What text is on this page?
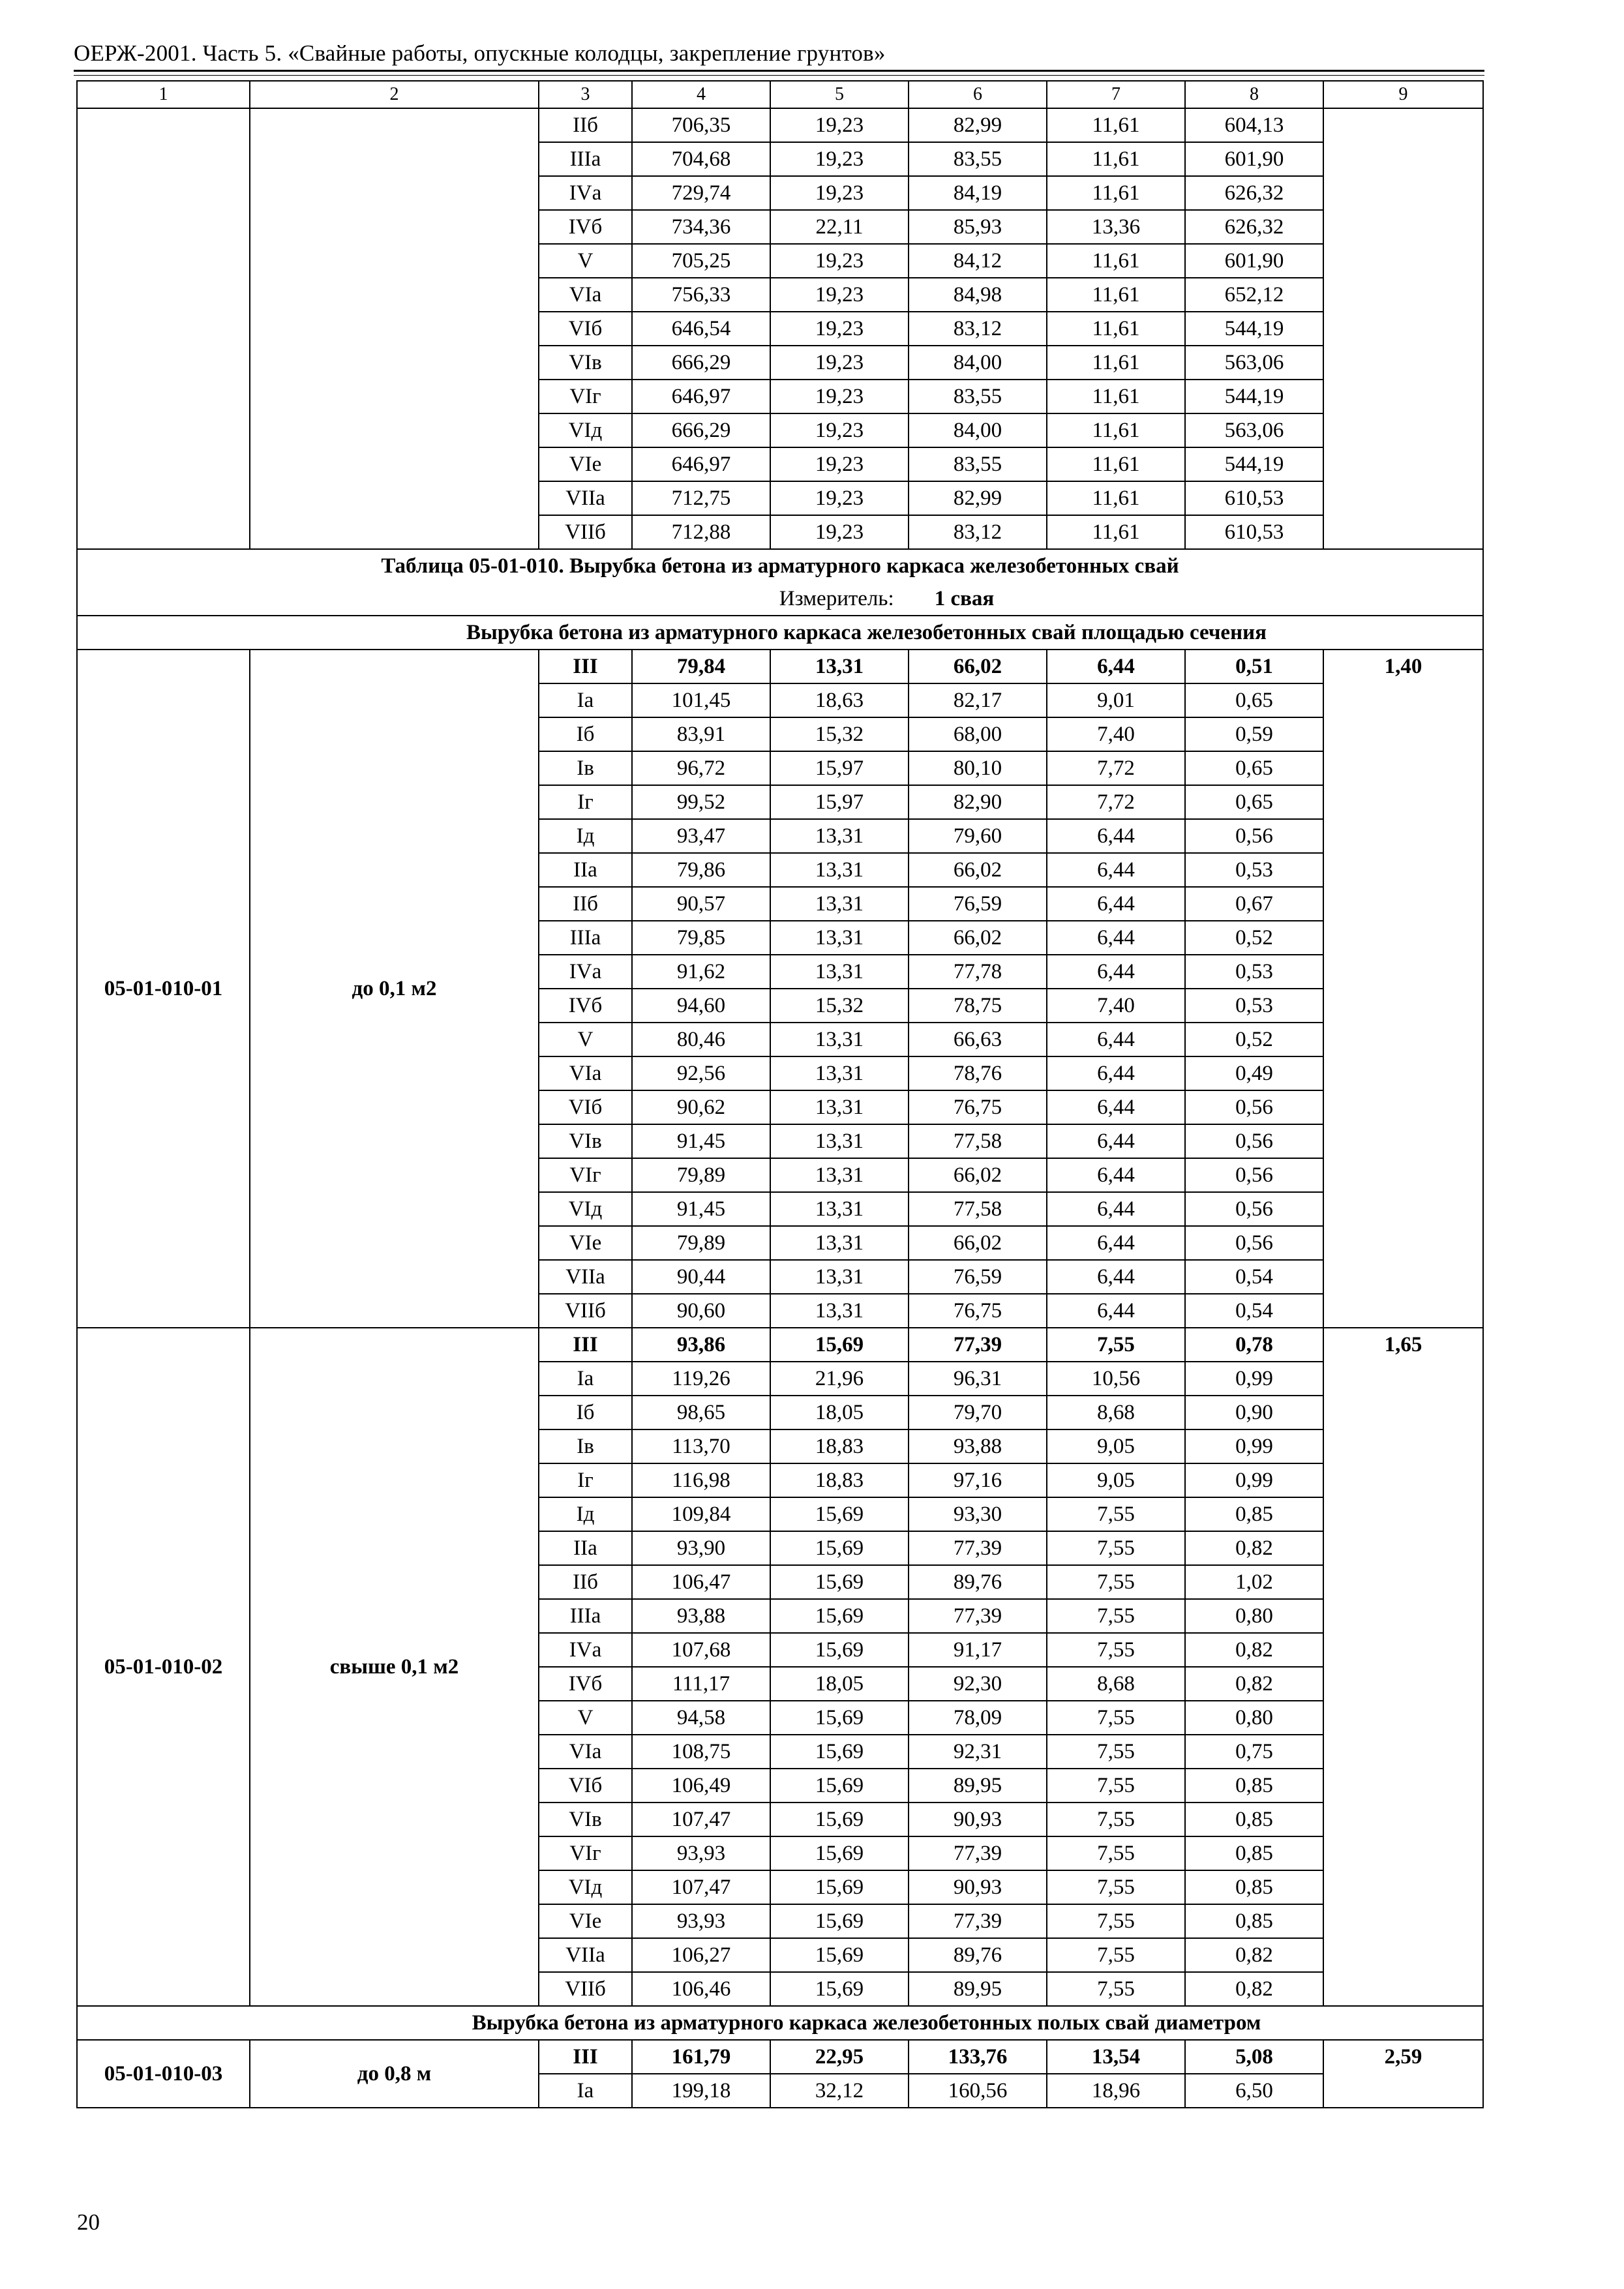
ОЕРЖ-2001. Часть 5. «Свайные работы, опускные колодцы, закрепление грунтов»
1	2	3	4	5	6	7	8	9
		IIб	706,35	19,23	82,99	11,61	604,13	
		IIIа	704,68	19,23	83,55	11,61	601,90	
		IVа	729,74	19,23	84,19	11,61	626,32	
		IVб	734,36	22,11	85,93	13,36	626,32	
		V	705,25	19,23	84,12	11,61	601,90	
		VIа	756,33	19,23	84,98	11,61	652,12	
		VIб	646,54	19,23	83,12	11,61	544,19	
		VIв	666,29	19,23	84,00	11,61	563,06	
		VIг	646,97	19,23	83,55	11,61	544,19	
		VIд	666,29	19,23	84,00	11,61	563,06	
		VIе	646,97	19,23	83,55	11,61	544,19	
		VIIа	712,75	19,23	82,99	11,61	610,53	
		VIIб	712,88	19,23	83,12	11,61	610,53	
Таблица 05-01-010. Вырубка бетона из арматурного каркаса железобетонных свай								
Измеритель: 1 свая								
Вырубка бетона из арматурного каркаса железобетонных свай площадью сечения								
05-01-010-01	до 0,1 м2	III	79,84	13,31	66,02	6,44	0,51	1,40
		Iа	101,45	18,63	82,17	9,01	0,65	
		Iб	83,91	15,32	68,00	7,40	0,59	
		Iв	96,72	15,97	80,10	7,72	0,65	
		Iг	99,52	15,97	82,90	7,72	0,65	
		Iд	93,47	13,31	79,60	6,44	0,56	
		IIа	79,86	13,31	66,02	6,44	0,53	
		IIб	90,57	13,31	76,59	6,44	0,67	
		IIIа	79,85	13,31	66,02	6,44	0,52	
		IVа	91,62	13,31	77,78	6,44	0,53	
		IVб	94,60	15,32	78,75	7,40	0,53	
		V	80,46	13,31	66,63	6,44	0,52	
		VIа	92,56	13,31	78,76	6,44	0,49	
		VIб	90,62	13,31	76,75	6,44	0,56	
		VIв	91,45	13,31	77,58	6,44	0,56	
		VIг	79,89	13,31	66,02	6,44	0,56	
		VIд	91,45	13,31	77,58	6,44	0,56	
		VIе	79,89	13,31	66,02	6,44	0,56	
		VIIа	90,44	13,31	76,59	6,44	0,54	
		VIIб	90,60	13,31	76,75	6,44	0,54	
05-01-010-02	свыше 0,1 м2	III	93,86	15,69	77,39	7,55	0,78	1,65
		Iа	119,26	21,96	96,31	10,56	0,99	
		Iб	98,65	18,05	79,70	8,68	0,90	
		Iв	113,70	18,83	93,88	9,05	0,99	
		Iг	116,98	18,83	97,16	9,05	0,99	
		Iд	109,84	15,69	93,30	7,55	0,85	
		IIа	93,90	15,69	77,39	7,55	0,82	
		IIб	106,47	15,69	89,76	7,55	1,02	
		IIIа	93,88	15,69	77,39	7,55	0,80	
		IVа	107,68	15,69	91,17	7,55	0,82	
		IVб	111,17	18,05	92,30	8,68	0,82	
		V	94,58	15,69	78,09	7,55	0,80	
		VIа	108,75	15,69	92,31	7,55	0,75	
		VIб	106,49	15,69	89,95	7,55	0,85	
		VIв	107,47	15,69	90,93	7,55	0,85	
		VIг	93,93	15,69	77,39	7,55	0,85	
		VIд	107,47	15,69	90,93	7,55	0,85	
		VIе	93,93	15,69	77,39	7,55	0,85	
		VIIа	106,27	15,69	89,76	7,55	0,82	
		VIIб	106,46	15,69	89,95	7,55	0,82	
Вырубка бетона из арматурного каркаса железобетонных полых свай диаметром								
05-01-010-03	до 0,8 м	III	161,79	22,95	133,76	13,54	5,08	2,59
		Iа	199,18	32,12	160,56	18,96	6,50	
20
